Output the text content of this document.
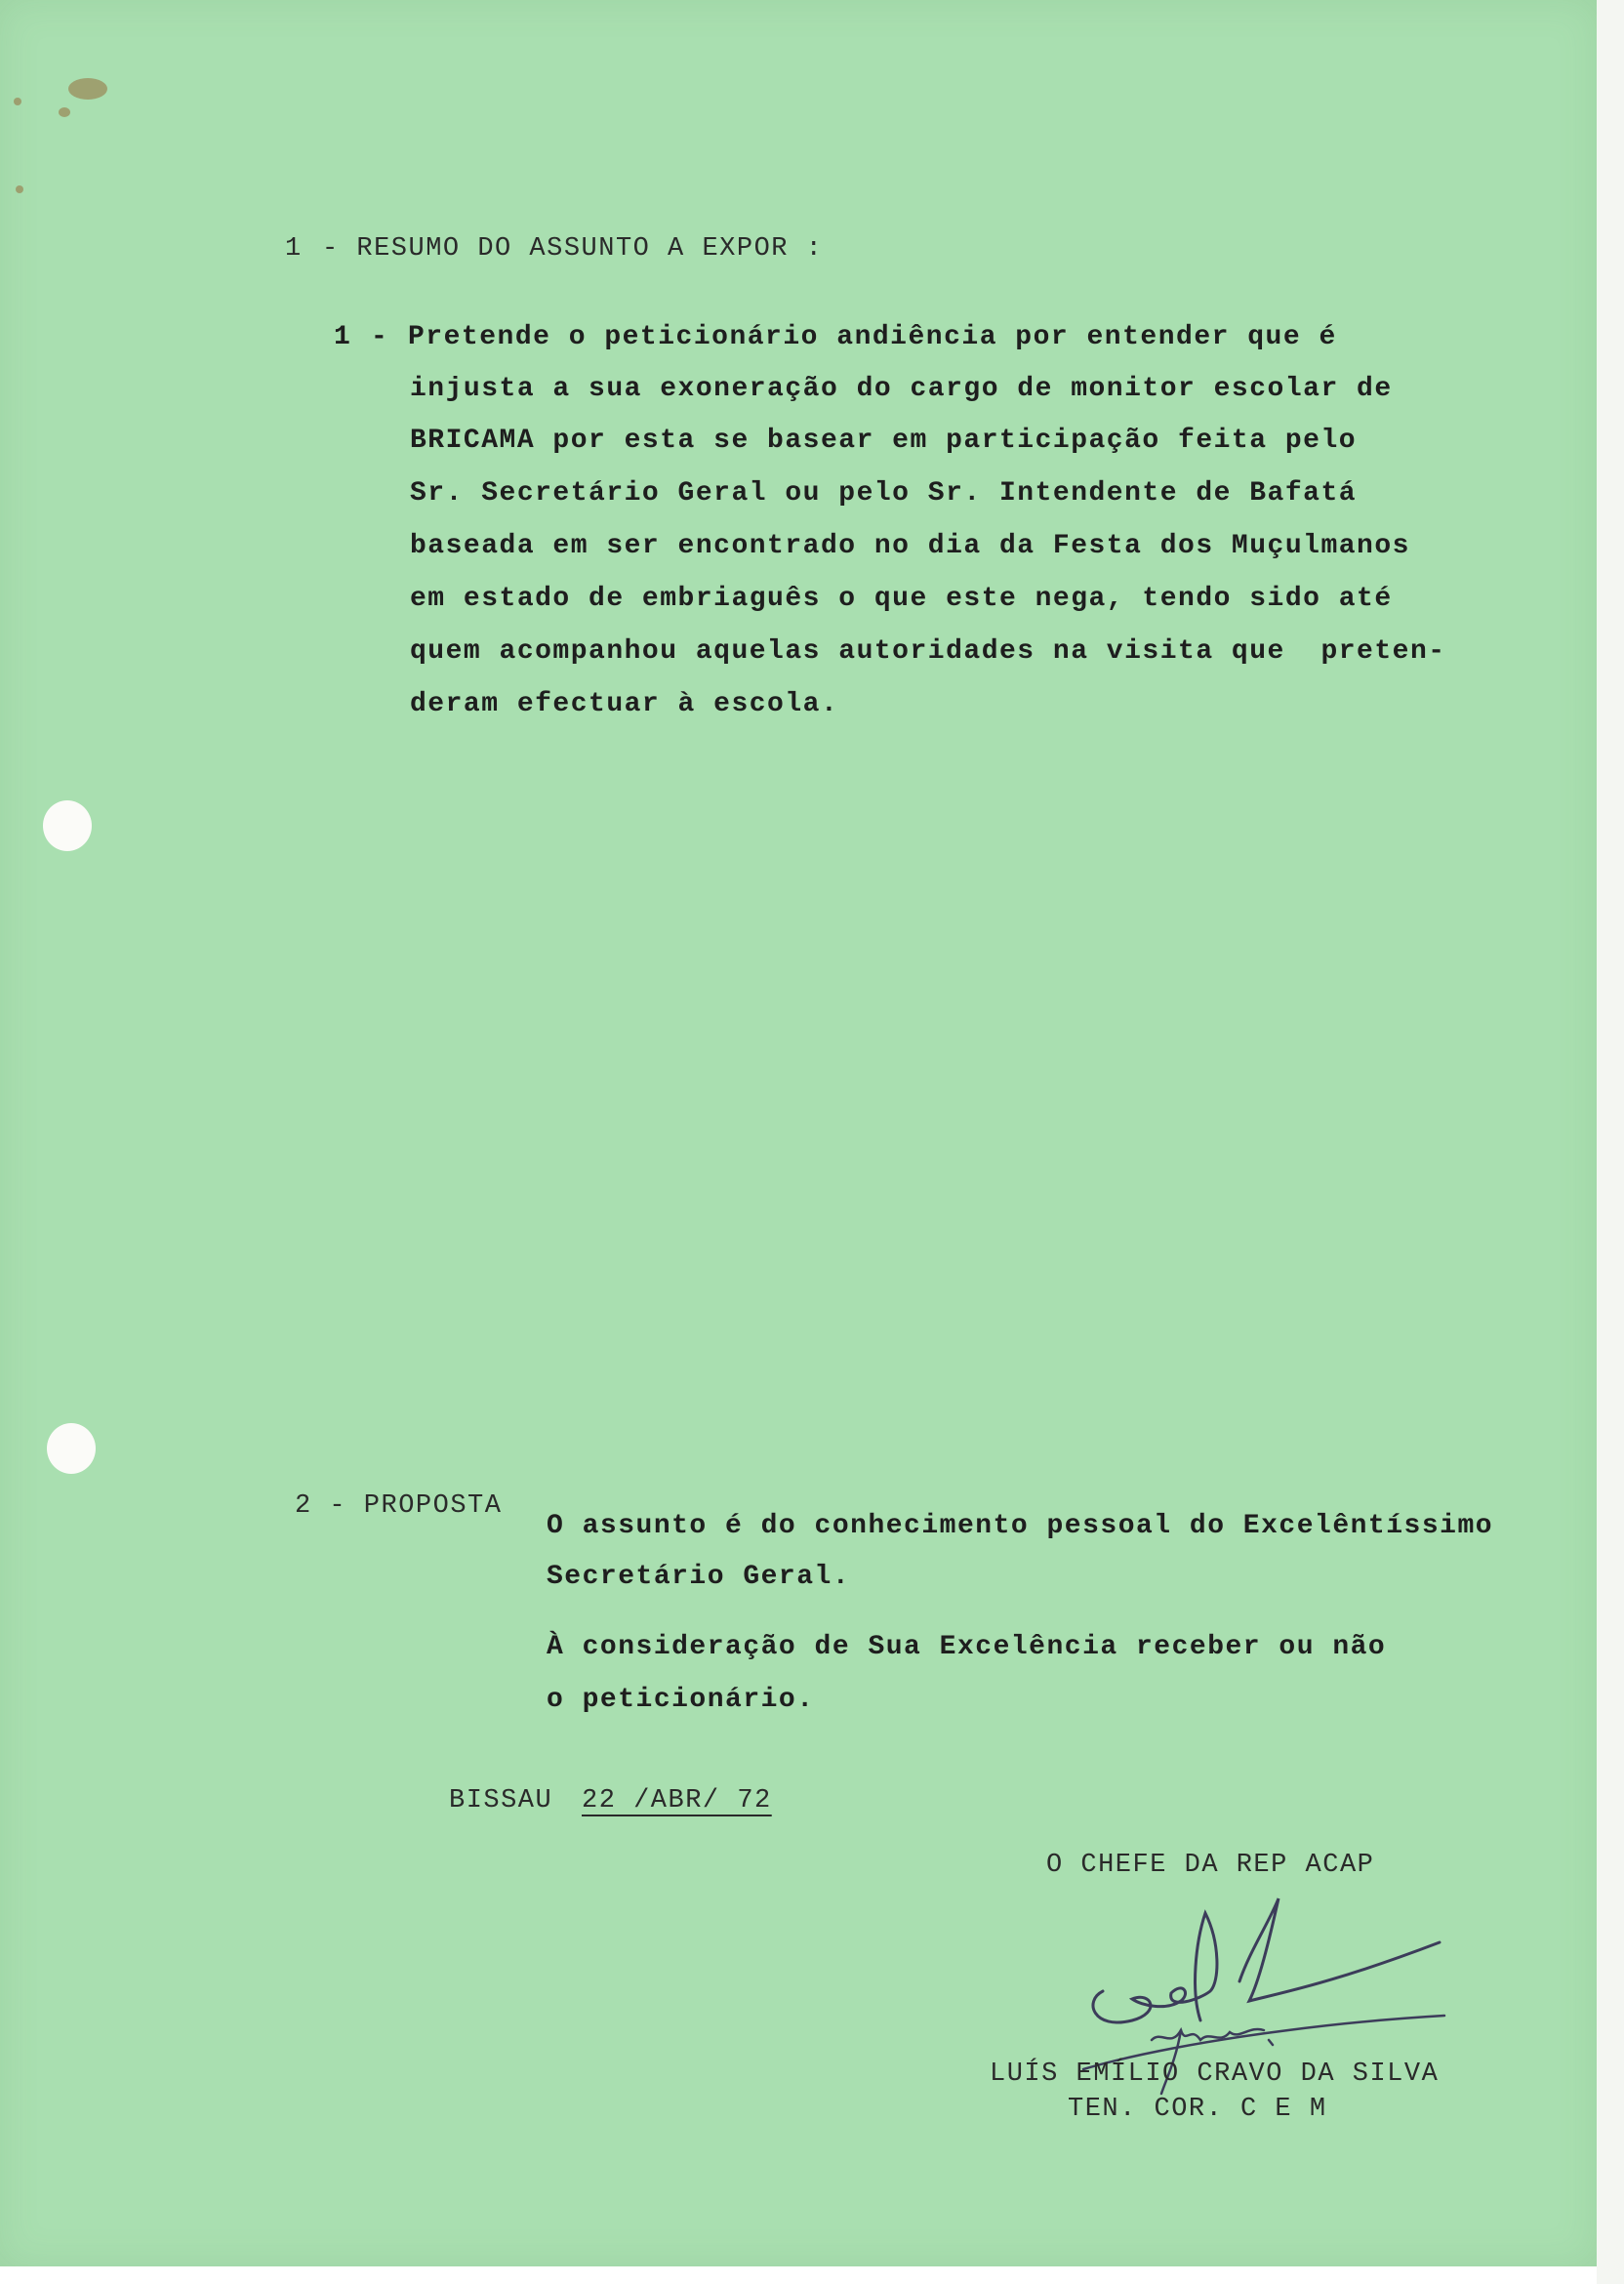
1 - RESUMO DO ASSUNTO A EXPOR :
1 - Pretende o peticionário andiência por entender que é
injusta a sua exoneração do cargo de monitor escolar de
BRICAMA por esta se basear em participação feita pelo
Sr. Secretário Geral ou pelo Sr. Intendente de Bafatá
baseada em ser encontrado no dia da Festa dos Muçulmanos
em estado de embriaguês o que este nega, tendo sido até
quem acompanhou aquelas autoridades na visita que  preten-
deram efectuar à escola.
2 - PROPOSTA
O assunto é do conhecimento pessoal do Excelêntíssimo
Secretário Geral.
À consideração de Sua Excelência receber ou não
o peticionário.
BISSAU 22 /ABR/ 72
O CHEFE DA REP ACAP
LUÍS EMÍLIO CRAVO DA SILVA
TEN. COR. C E M
